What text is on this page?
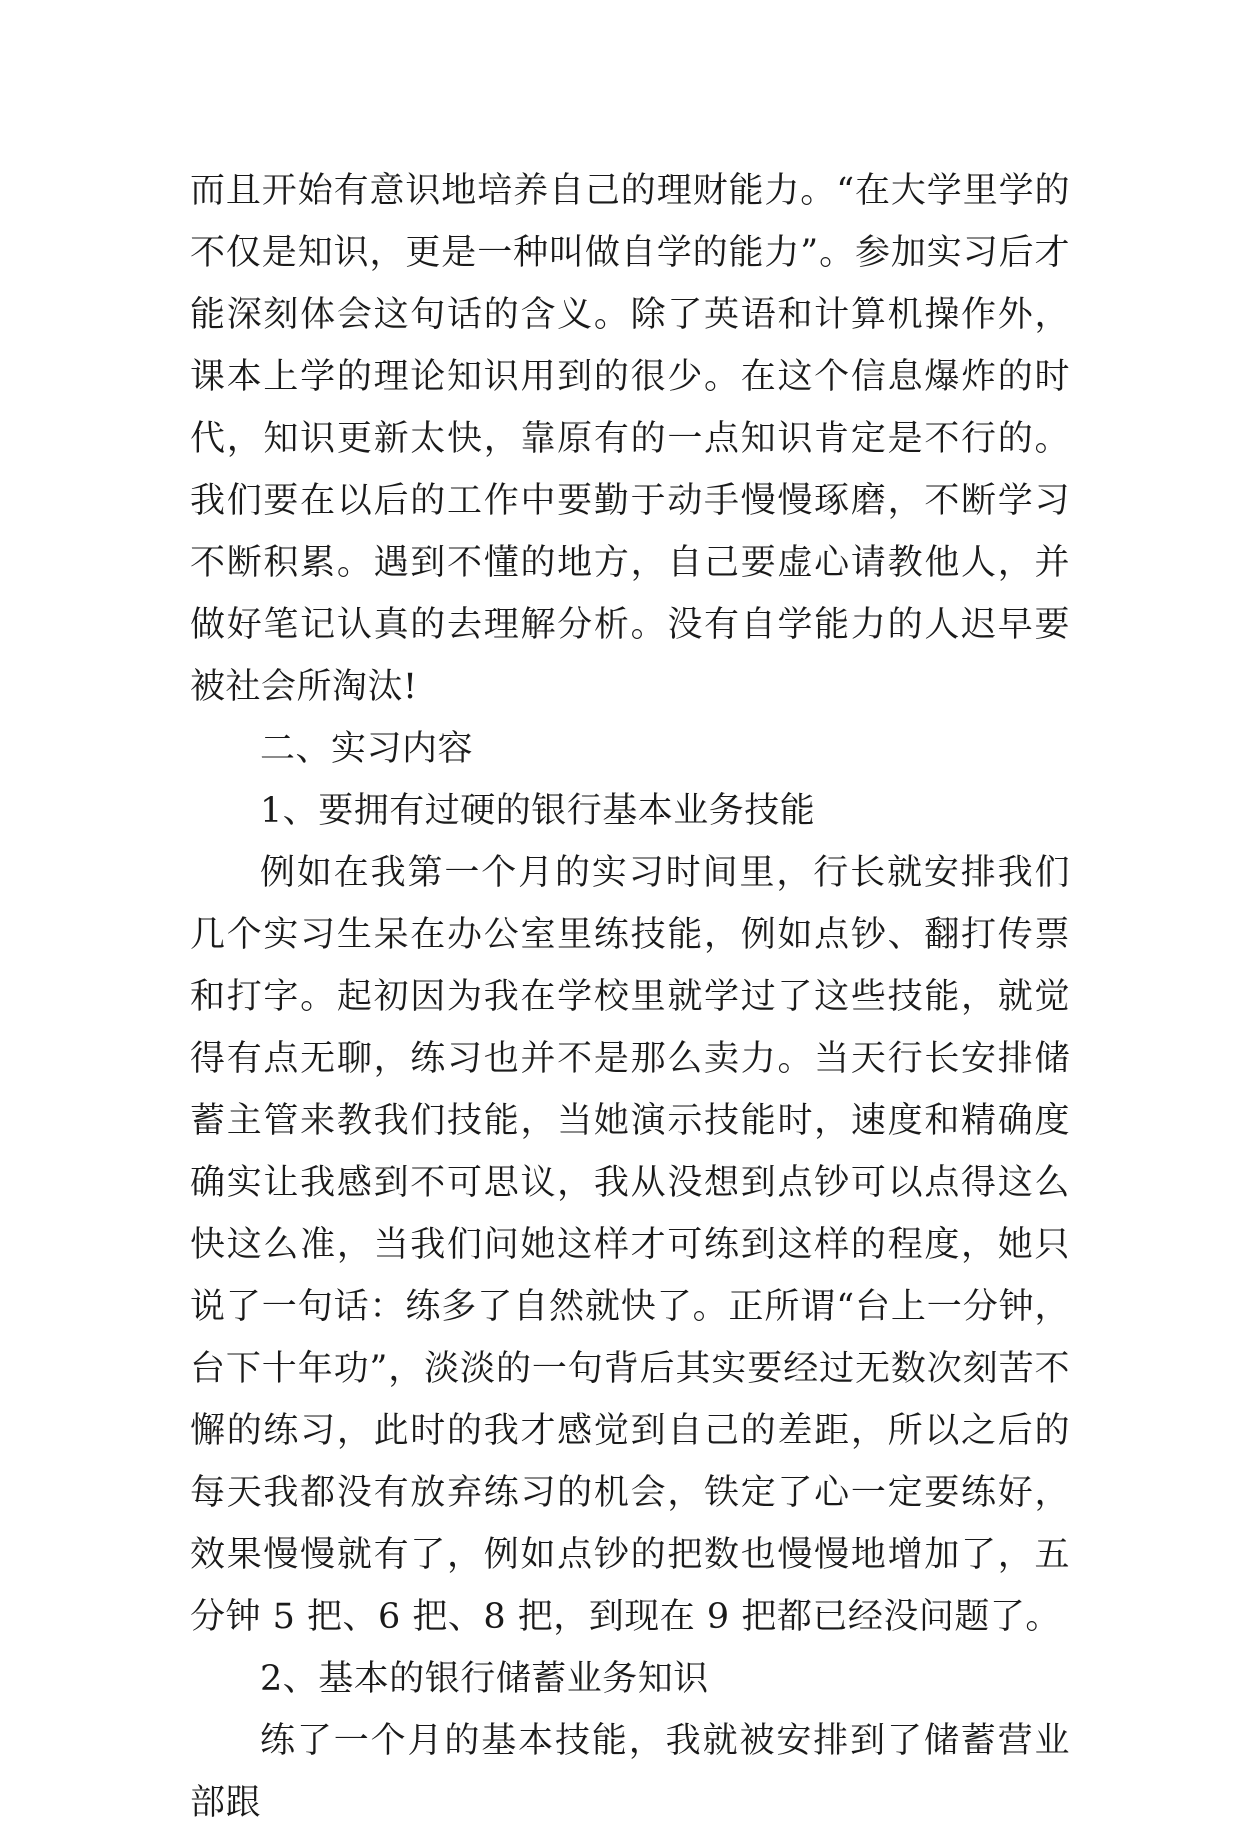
而且开始有意识地培养自己的理财能力。“在大学里学的不仅是知识，更是一种叫做自学的能力”。参加实习后才能深刻体会这句话的含义。除了英语和计算机操作外，课本上学的理论知识用到的很少。在这个信息爆炸的时代，知识更新太快，靠原有的一点知识肯定是不行的。我们要在以后的工作中要勤于动手慢慢琢磨，不断学习不断积累。遇到不懂的地方，自己要虚心请教他人，并做好笔记认真的去理解分析。没有自学能力的人迟早要被社会所淘汰!

二、实习内容

1、要拥有过硬的银行基本业务技能

例如在我第一个月的实习时间里，行长就安排我们几个实习生呆在办公室里练技能，例如点钞、翻打传票和打字。起初因为我在学校里就学过了这些技能，就觉得有点无聊，练习也并不是那么卖力。当天行长安排储蓄主管来教我们技能，当她演示技能时，速度和精确度确实让我感到不可思议，我从没想到点钞可以点得这么快这么准，当我们问她这样才可练到这样的程度，她只说了一句话：练多了自然就快了。正所谓“台上一分钟，台下十年功”，淡淡的一句背后其实要经过无数次刻苦不懈的练习，此时的我才感觉到自己的差距，所以之后的每天我都没有放弃练习的机会，铁定了心一定要练好，效果慢慢就有了，例如点钞的把数也慢慢地增加了，五分钟 5 把、6 把、8 把，到现在 9 把都已经没问题了。

2、基本的银行储蓄业务知识

练了一个月的基本技能，我就被安排到了储蓄营业部跟
